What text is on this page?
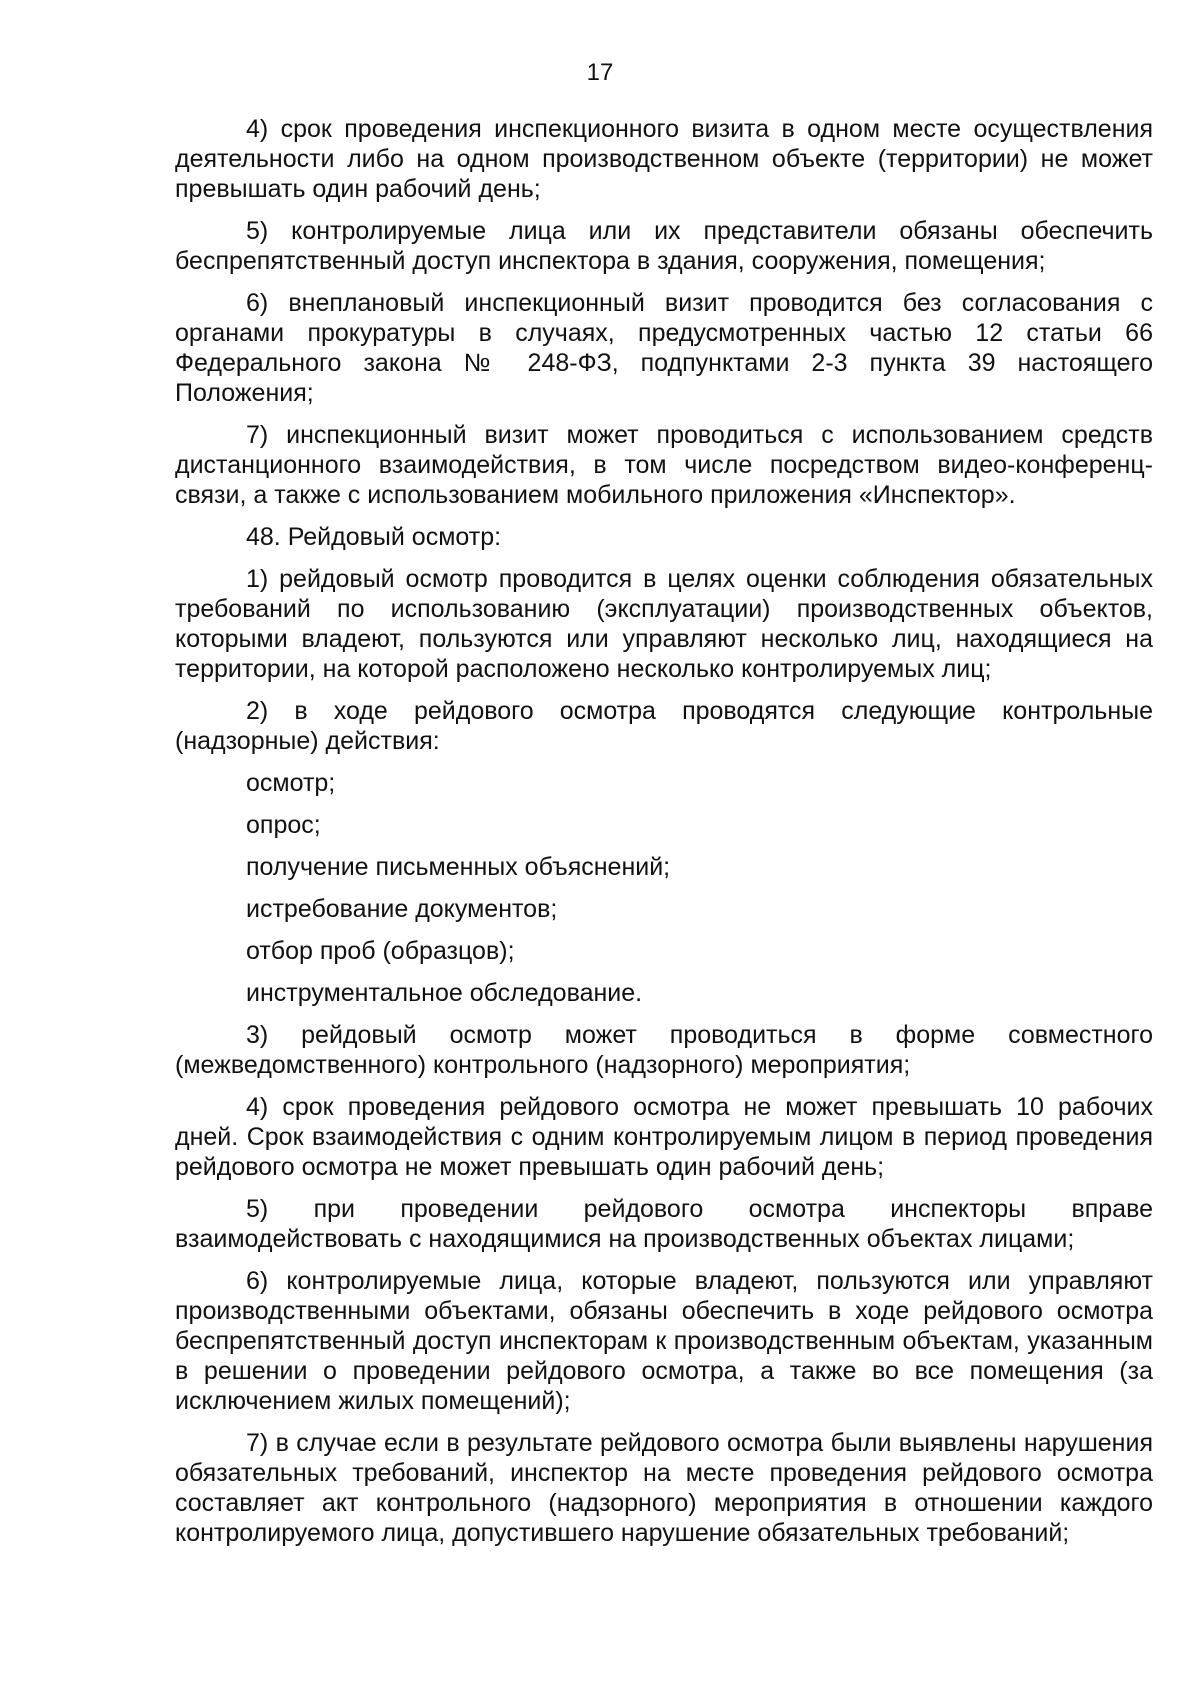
17

4) срок проведения инспекционного визита в одном месте осуществления деятельности либо на одном производственном объекте (территории) не может превышать один рабочий день;

5) контролируемые лица или их представители обязаны обеспечить беспрепятственный доступ инспектора в здания, сооружения, помещения;

6) внеплановый инспекционный визит проводится без согласования с органами прокуратуры в случаях, предусмотренных частью 12 статьи 66 Федерального закона № 248-ФЗ, подпунктами 2-3 пункта 39 настоящего Положения;

7) инспекционный визит может проводиться с использованием средств дистанционного взаимодействия, в том числе посредством видео-конференц-связи, а также с использованием мобильного приложения «Инспектор».

48. Рейдовый осмотр:

1) рейдовый осмотр проводится в целях оценки соблюдения обязательных требований по использованию (эксплуатации) производственных объектов, которыми владеют, пользуются или управляют несколько лиц, находящиеся на территории, на которой расположено несколько контролируемых лиц;

2) в ходе рейдового осмотра проводятся следующие контрольные (надзорные) действия:

осмотр;
опрос;
получение письменных объяснений;
истребование документов;
отбор проб (образцов);
инструментальное обследование.

3) рейдовый осмотр может проводиться в форме совместного (межведомственного) контрольного (надзорного) мероприятия;

4) срок проведения рейдового осмотра не может превышать 10 рабочих дней. Срок взаимодействия с одним контролируемым лицом в период проведения рейдового осмотра не может превышать один рабочий день;

5) при проведении рейдового осмотра инспекторы вправе взаимодействовать с находящимися на производственных объектах лицами;

6) контролируемые лица, которые владеют, пользуются или управляют производственными объектами, обязаны обеспечить в ходе рейдового осмотра беспрепятственный доступ инспекторам к производственным объектам, указанным в решении о проведении рейдового осмотра, а также во все помещения (за исключением жилых помещений);

7) в случае если в результате рейдового осмотра были выявлены нарушения обязательных требований, инспектор на месте проведения рейдового осмотра составляет акт контрольного (надзорного) мероприятия в отношении каждого контролируемого лица, допустившего нарушение обязательных требований;
